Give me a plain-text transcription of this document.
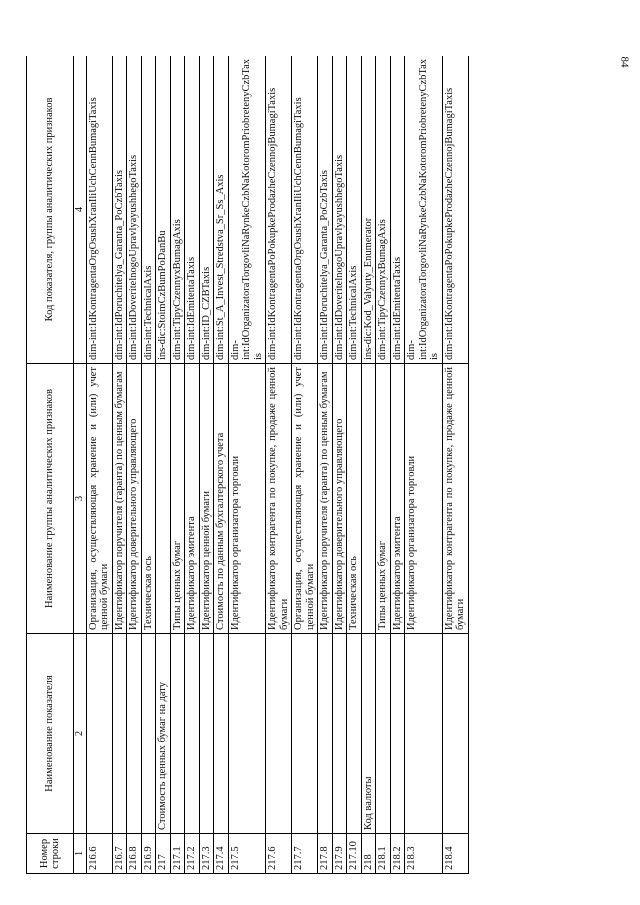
84
Номер строки	Наименование показателя	Наименование группы аналитических признаков	Код показателя, группы аналитических признаков
1	2	3	4
216.6		Организация, осуществляющая хранение и (или) учет ценной бумаги	dim-int:IdKontragentaOrgOsushXranIliUchCennBumagiTaxis
216.7		Идентификатор поручителя (гаранта) по ценным бумагам	dim-int:IdPoruchitelya_Garanta_PoCzbTaxis
216.8		Идентификатор доверительного управляющего	dim-int:IdDoveritelnogoUpravlyayushhegoTaxis
216.9		Техническая ось	dim-int:TechnicalAxis
217	Стоимость ценных бумаг на дату		ins-dic:StoimCzBumPoDanBu
217.1		Типы ценных бумаг	dim-int:TipyCzennyxBumagAxis
217.2		Идентификатор эмитента	dim-int:IdEmitentaTaxis
217.3		Идентификатор ценной бумаги	dim-int:ID_CZBTaxis
217.4		Стоимость по данным бухгалтерского учета	dim-int:St_A_Invest_Stredstva_Sr_Ss_Axis
217.5		Идентификатор организатора торговли	dim-int:IdOrganizatoraTorgovliNaRynkeCzbNaKotoromPriobretenyCzbTaxis
217.6		Идентификатор контрагента по покупке, продаже ценной бумаги	dim-int:IdKontragentaPoPokupkeProdazheCzennojBumagiTaxis
217.7		Организация, осуществляющая хранение и (или) учет ценной бумаги	dim-int:IdKontragentaOrgOsushXranIliUchCennBumagiTaxis
217.8		Идентификатор поручителя (гаранта) по ценным бумагам	dim-int:IdPoruchitelya_Garanta_PoCzbTaxis
217.9		Идентификатор доверительного управляющего	dim-int:IdDoveritelnogoUpravlyayushhegoTaxis
217.10		Техническая ось	dim-int:TechnicalAxis
218	Код валюты		ins-dic:Kod_Valyuty_Enumerator
218.1		Типы ценных бумаг	dim-int:TipyCzennyxBumagAxis
218.2		Идентификатор эмитента	dim-int:IdEmitentaTaxis
218.3		Идентификатор организатора торговли	dim-int:IdOrganizatoraTorgovliNaRynkeCzbNaKotoromPriobretenyCzbTaxis
218.4		Идентификатор контрагента по покупке, продаже ценной бумаги	dim-int:IdKontragentaPoPokupkeProdazheCzennojBumagiTaxis
